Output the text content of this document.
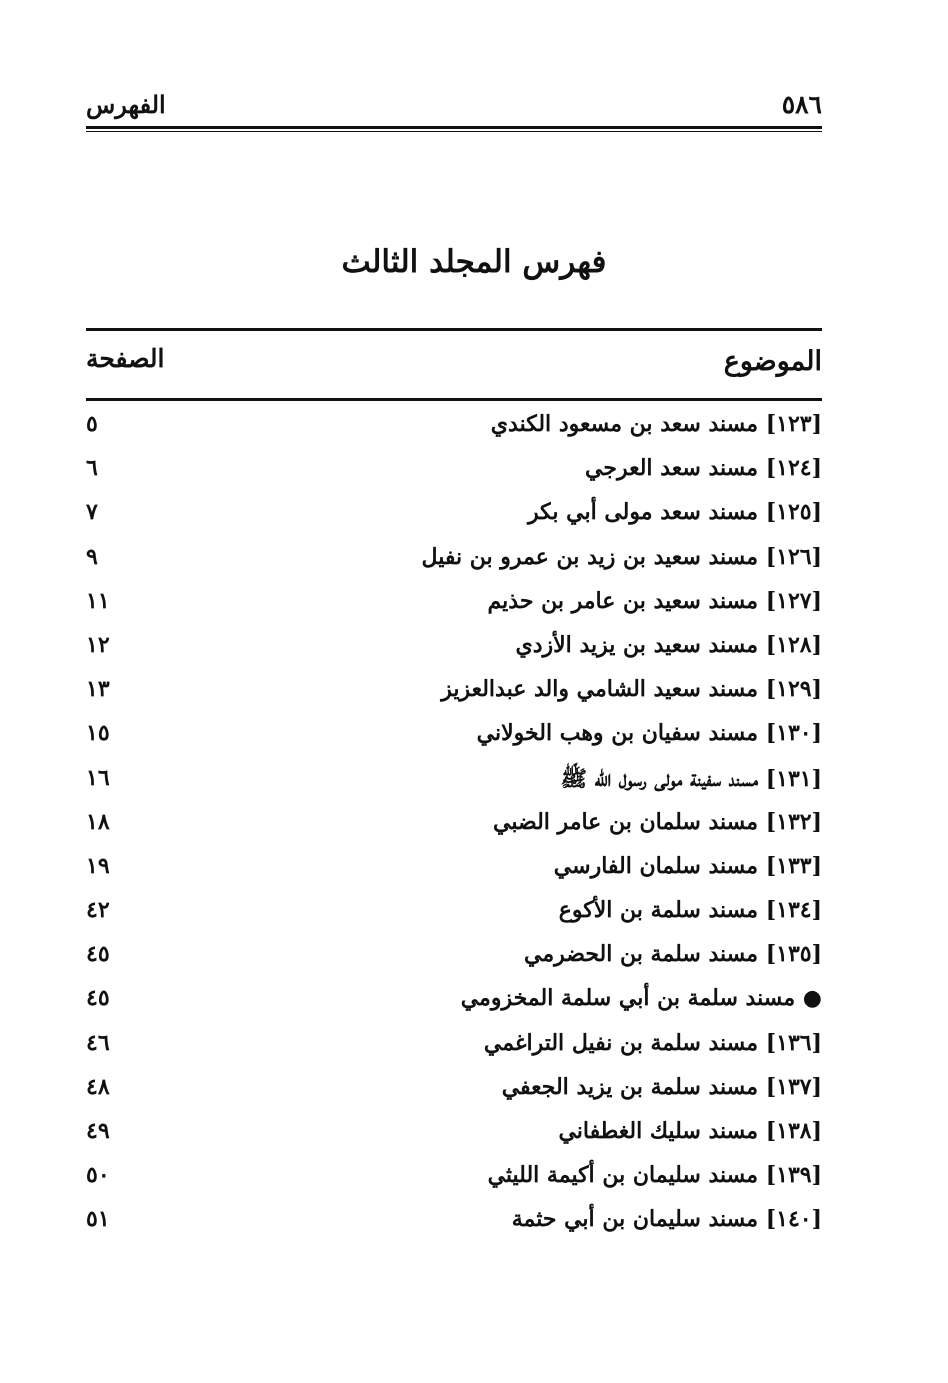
٥٨٦
الفهرس
فهرس المجلد الثالث
الموضوع
الصفحة
[١٢٣] مسند سعد بن مسعود الكندي
٥
[١٢٤] مسند سعد العرجي
٦
[١٢٥] مسند سعد مولى أبي بكر
٧
[١٢٦] مسند سعيد بن زيد بن عمرو بن نفيل
٩
[١٢٧] مسند سعيد بن عامر بن حذيم
١١
[١٢٨] مسند سعيد بن يزيد الأزدي
١٢
[١٢٩] مسند سعيد الشامي والد عبدالعزيز
١٣
[١٣٠] مسند سفيان بن وهب الخولاني
١٥
[١٣١] مسند سفينة مولى رسول الله ﷺ
١٦
[١٣٢] مسند سلمان بن عامر الضبي
١٨
[١٣٣] مسند سلمان الفارسي
١٩
[١٣٤] مسند سلمة بن الأكوع
٤٢
[١٣٥] مسند سلمة بن الحضرمي
٤٥
● مسند سلمة بن أبي سلمة المخزومي
٤٥
[١٣٦] مسند سلمة بن نفيل التراغمي
٤٦
[١٣٧] مسند سلمة بن يزيد الجعفي
٤٨
[١٣٨] مسند سليك الغطفاني
٤٩
[١٣٩] مسند سليمان بن أكيمة الليثي
٥٠
[١٤٠] مسند سليمان بن أبي حثمة
٥١
